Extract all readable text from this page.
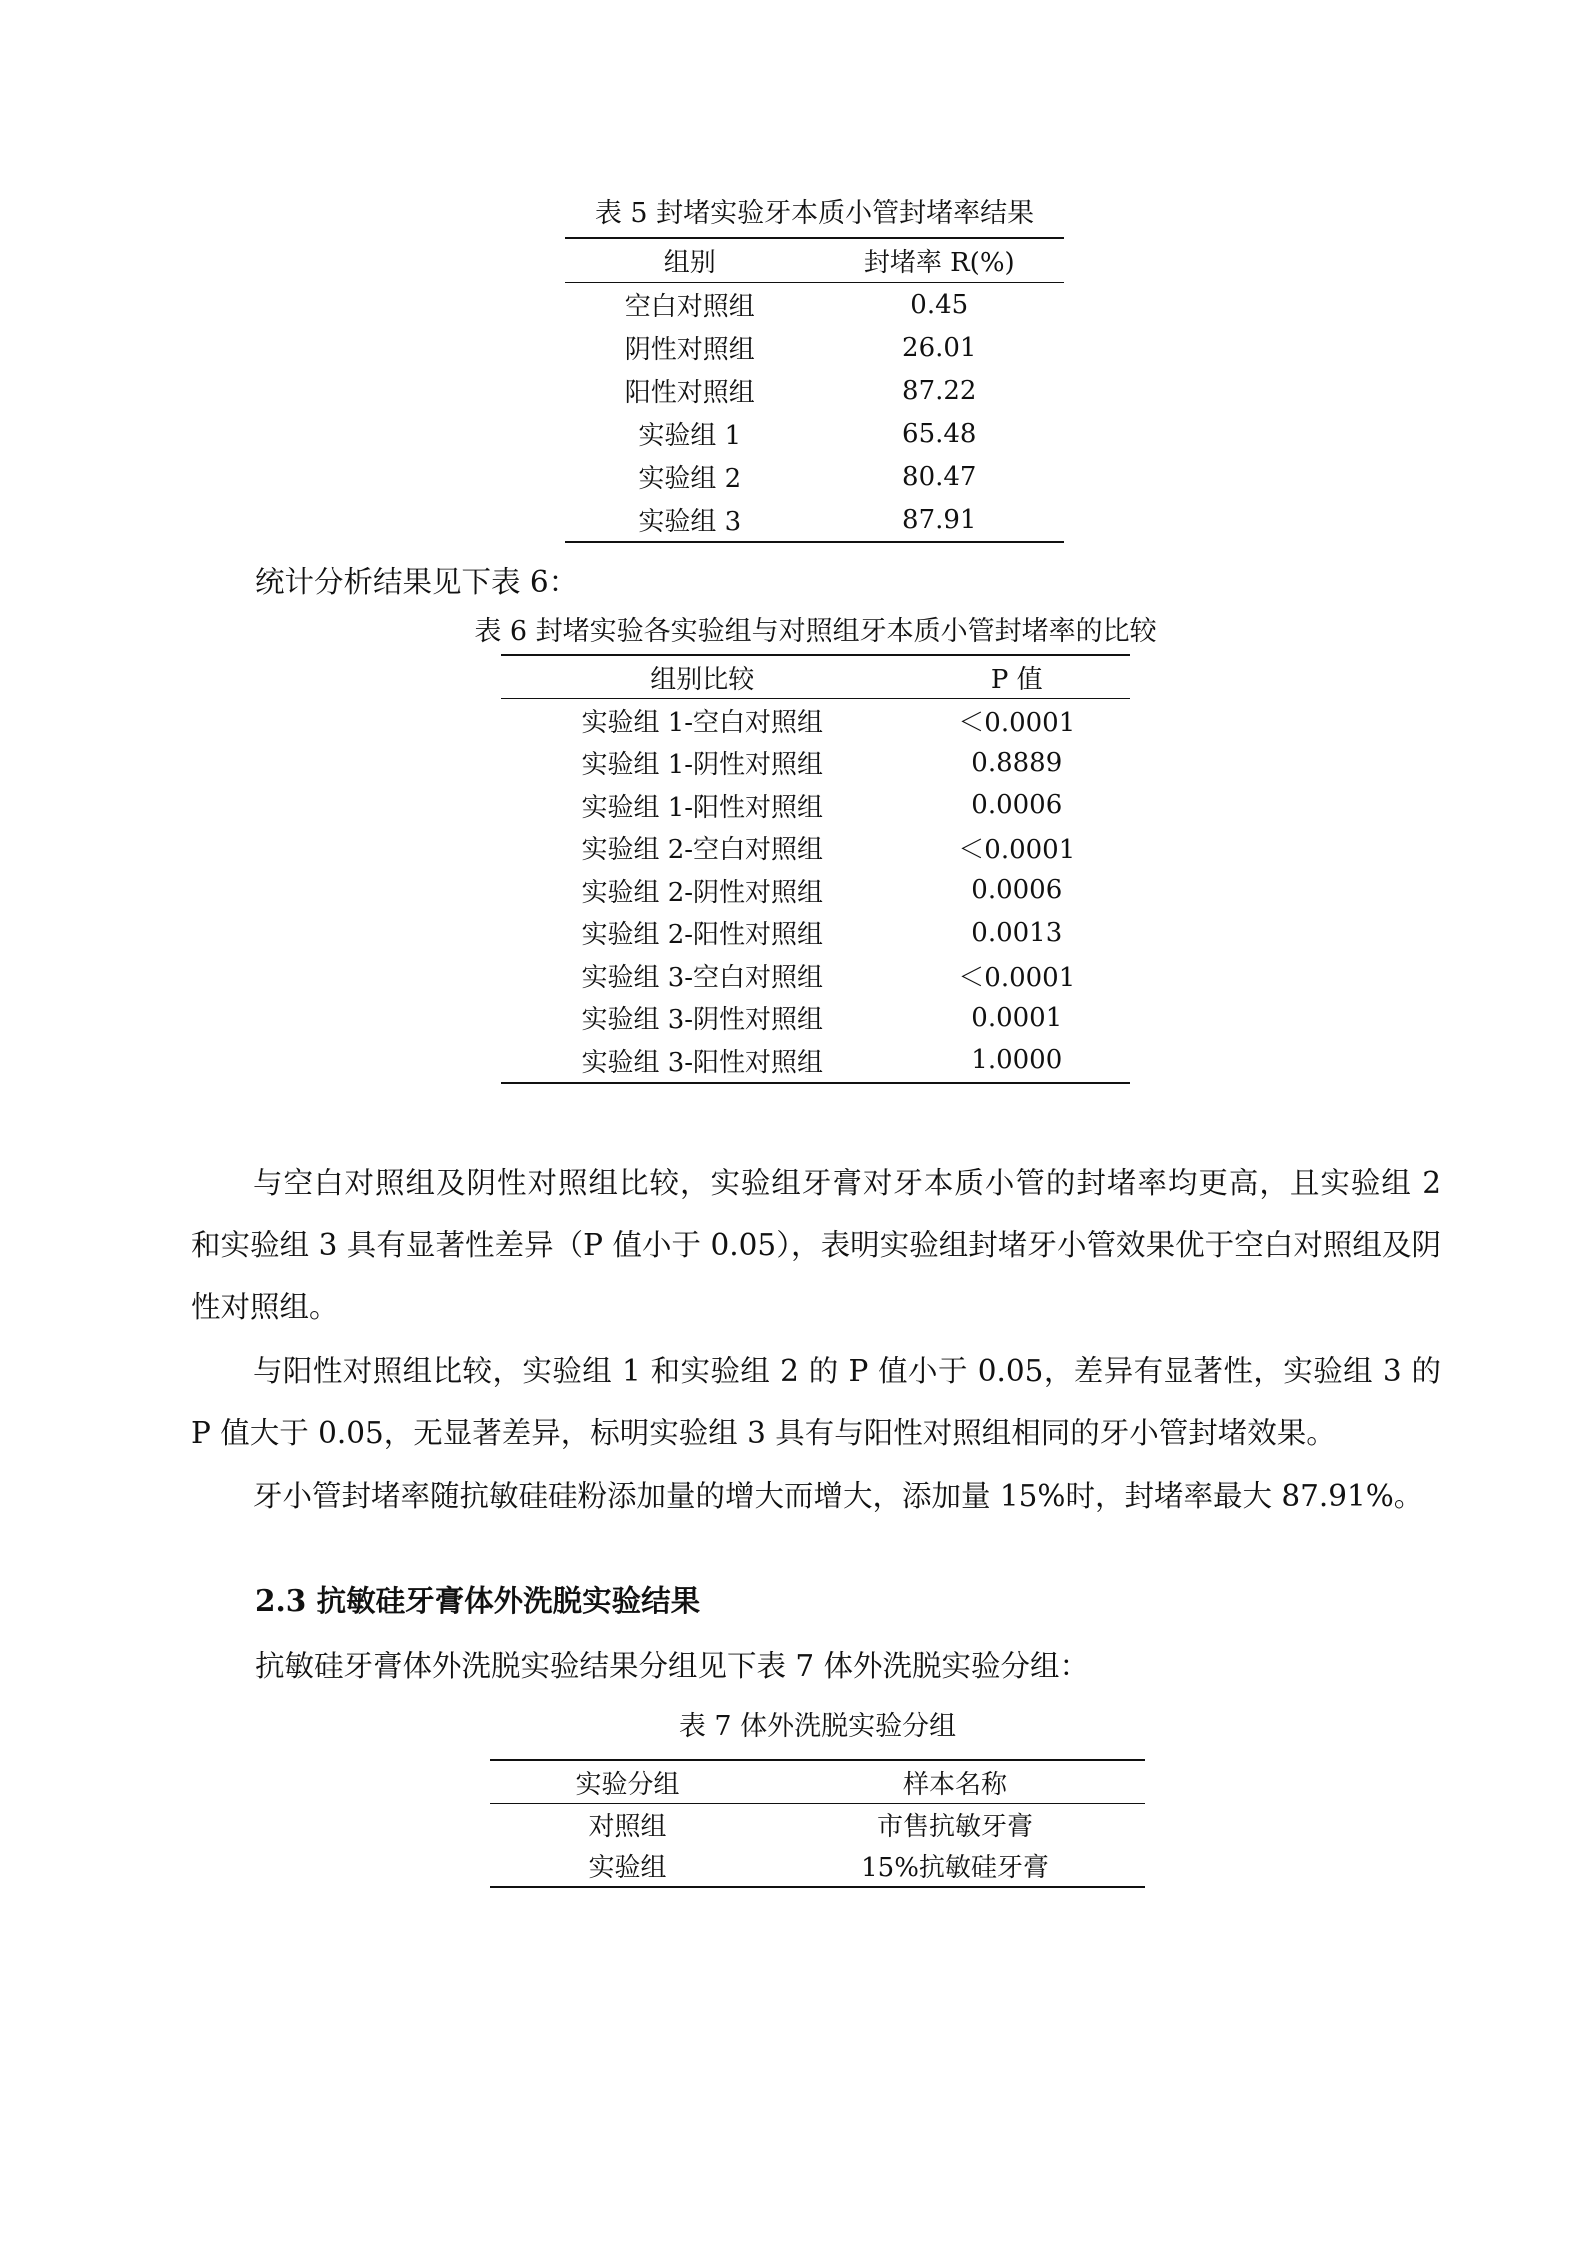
表 5 封堵实验牙本质小管封堵率结果
组别	封堵率 R(%)
空白对照组	0.45
阴性对照组	26.01
阳性对照组	87.22
实验组 1	65.48
实验组 2	80.47
实验组 3	87.91
统计分析结果见下表 6：
表 6 封堵实验各实验组与对照组牙本质小管封堵率的比较
组别比较	P 值
实验组 1-空白对照组	＜0.0001
实验组 1-阴性对照组	0.8889
实验组 1-阳性对照组	0.0006
实验组 2-空白对照组	＜0.0001
实验组 2-阴性对照组	0.0006
实验组 2-阳性对照组	0.0013
实验组 3-空白对照组	＜0.0001
实验组 3-阴性对照组	0.0001
实验组 3-阳性对照组	1.0000
与空白对照组及阴性对照组比较，实验组牙膏对牙本质小管的封堵率均更高，且实验组 2 和实验组 3 具有显著性差异（P 值小于 0.05），表明实验组封堵牙小管效果优于空白对照组及阴性对照组。
与阳性对照组比较，实验组 1 和实验组 2 的 P 值小于 0.05，差异有显著性，实验组 3 的 P 值大于 0.05，无显著差异，标明实验组 3 具有与阳性对照组相同的牙小管封堵效果。
牙小管封堵率随抗敏硅硅粉添加量的增大而增大，添加量 15%时，封堵率最大 87.91%。
2.3 抗敏硅牙膏体外洗脱实验结果
抗敏硅牙膏体外洗脱实验结果分组见下表 7 体外洗脱实验分组：
表 7 体外洗脱实验分组
实验分组	样本名称
对照组	市售抗敏牙膏
实验组	15%抗敏硅牙膏
